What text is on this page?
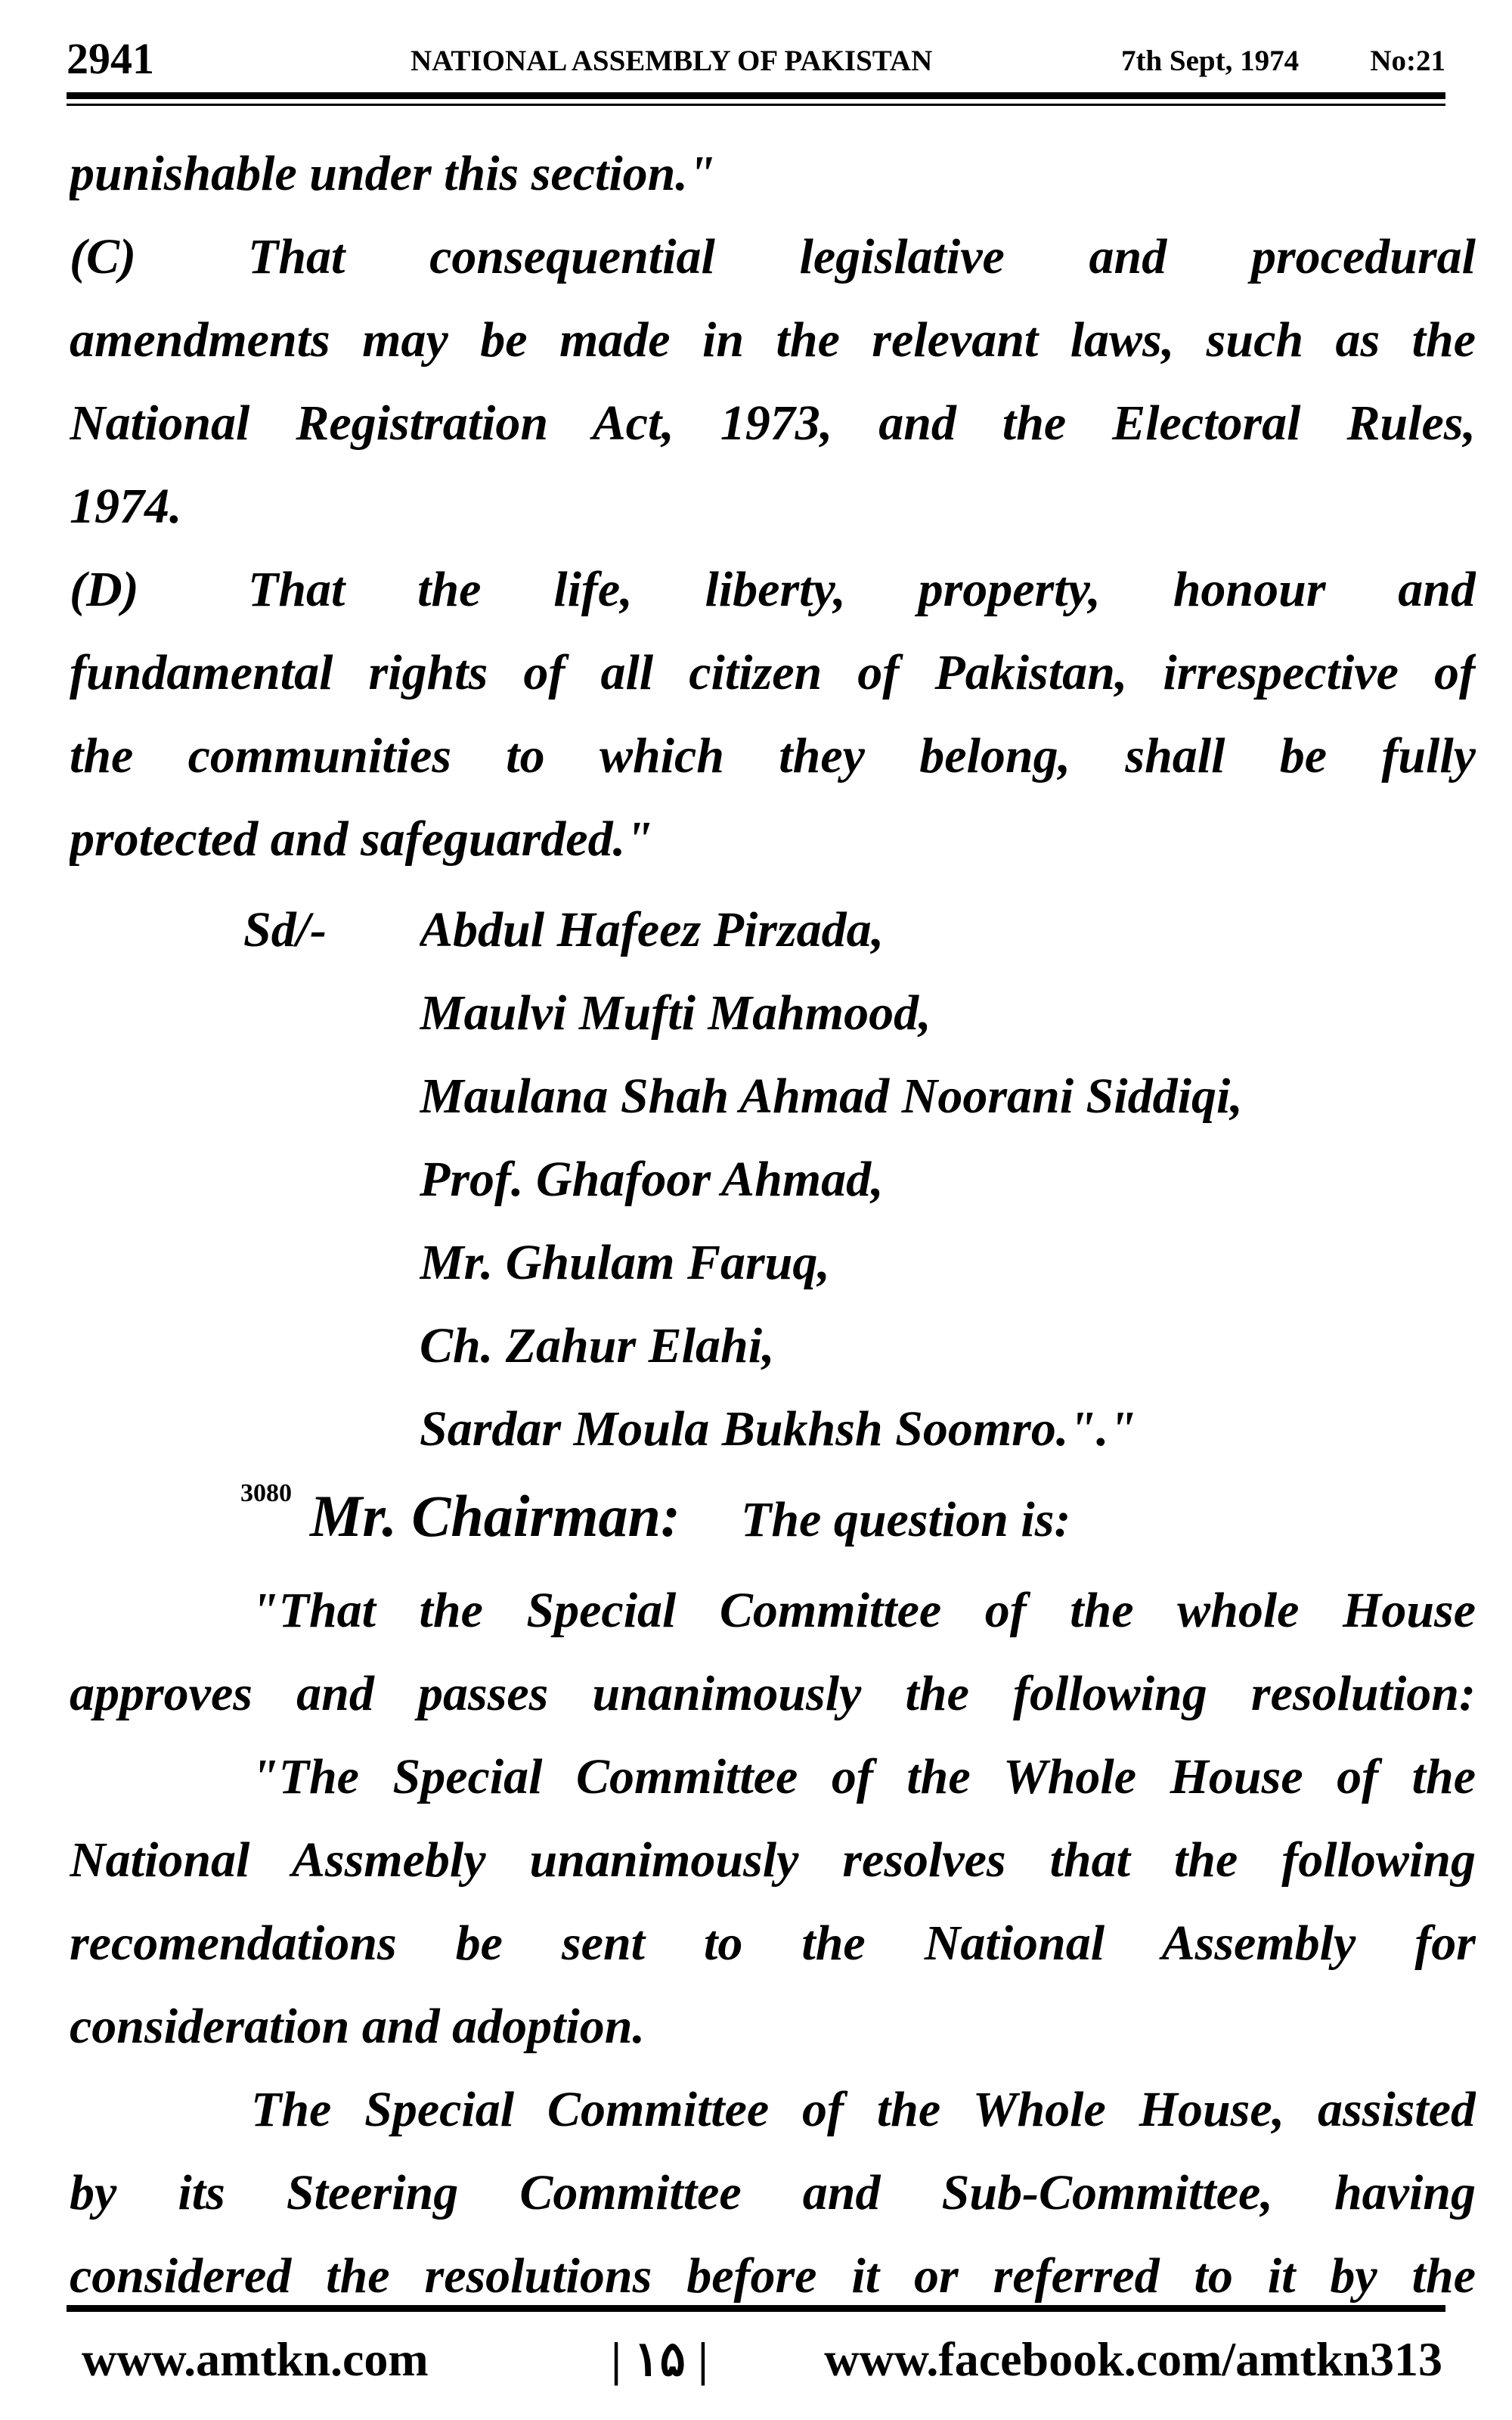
2941	NATIONAL ASSEMBLY OF PAKISTAN	7th Sept, 1974 No:21
punishable under this section."
(C)	That consequential legislative and procedural
amendments may be made in the relevant laws, such as the
National Registration Act, 1973, and the Electoral Rules,
1974.
(D)	That the life, liberty, property, honour and
fundamental rights of all citizen of Pakistan, irrespective of
the communities to which they belong, shall be fully
protected and safeguarded."
Sd/-	Abdul Hafeez Pirzada,
Maulvi Mufti Mahmood,
Maulana Shah Ahmad Noorani Siddiqi,
Prof. Ghafoor Ahmad,
Mr. Ghulam Faruq,
Ch. Zahur Elahi,
Sardar Moula Bukhsh Soomro."."
3080 Mr. Chairman: The question is:
"That the Special Committee of the whole House
approves and passes unanimously the following resolution:
"The Special Committee of the Whole House of the
National Assmebly unanimously resolves that the following
recomendations be sent to the National Assembly for
consideration and adoption.
The Special Committee of the Whole House, assisted
by its Steering Committee and Sub-Committee, having
considered the resolutions before it or referred to it by the
www.amtkn.com	| ۱۵ | www.facebook.com/amtkn313
